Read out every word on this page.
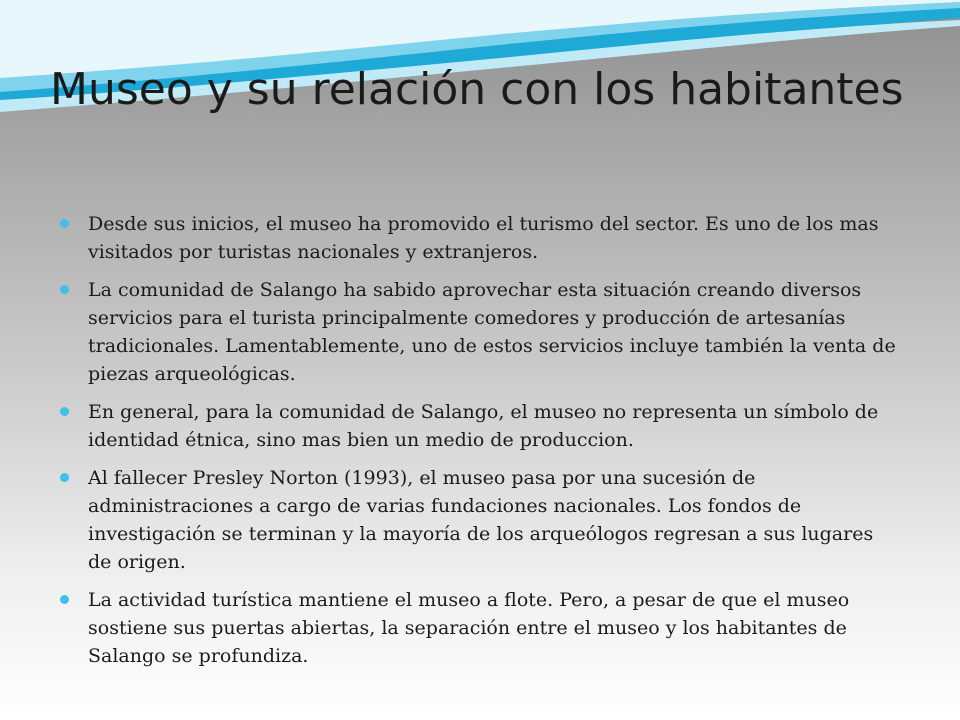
Museo y su relación con los habitantes
Desde sus inicios, el museo ha promovido el turismo del sector. Es uno de los mas visitados por turistas nacionales y extranjeros.
La comunidad de Salango ha sabido aprovechar esta situación creando diversos servicios para el turista principalmente comedores y producción de artesanías tradicionales. Lamentablemente, uno de estos servicios incluye también la venta de piezas arqueológicas.
En general, para la comunidad de Salango, el museo no representa un símbolo de identidad étnica, sino mas bien un medio de produccion.
Al fallecer Presley Norton (1993), el museo pasa por una sucesión de administraciones a cargo de varias fundaciones nacionales. Los fondos de investigación se terminan y la mayoría de los arqueólogos regresan a sus lugares de origen.
La actividad turística mantiene el museo a flote. Pero, a pesar de que el museo sostiene sus puertas abiertas, la separación entre el museo y los habitantes de Salango se profundiza.
